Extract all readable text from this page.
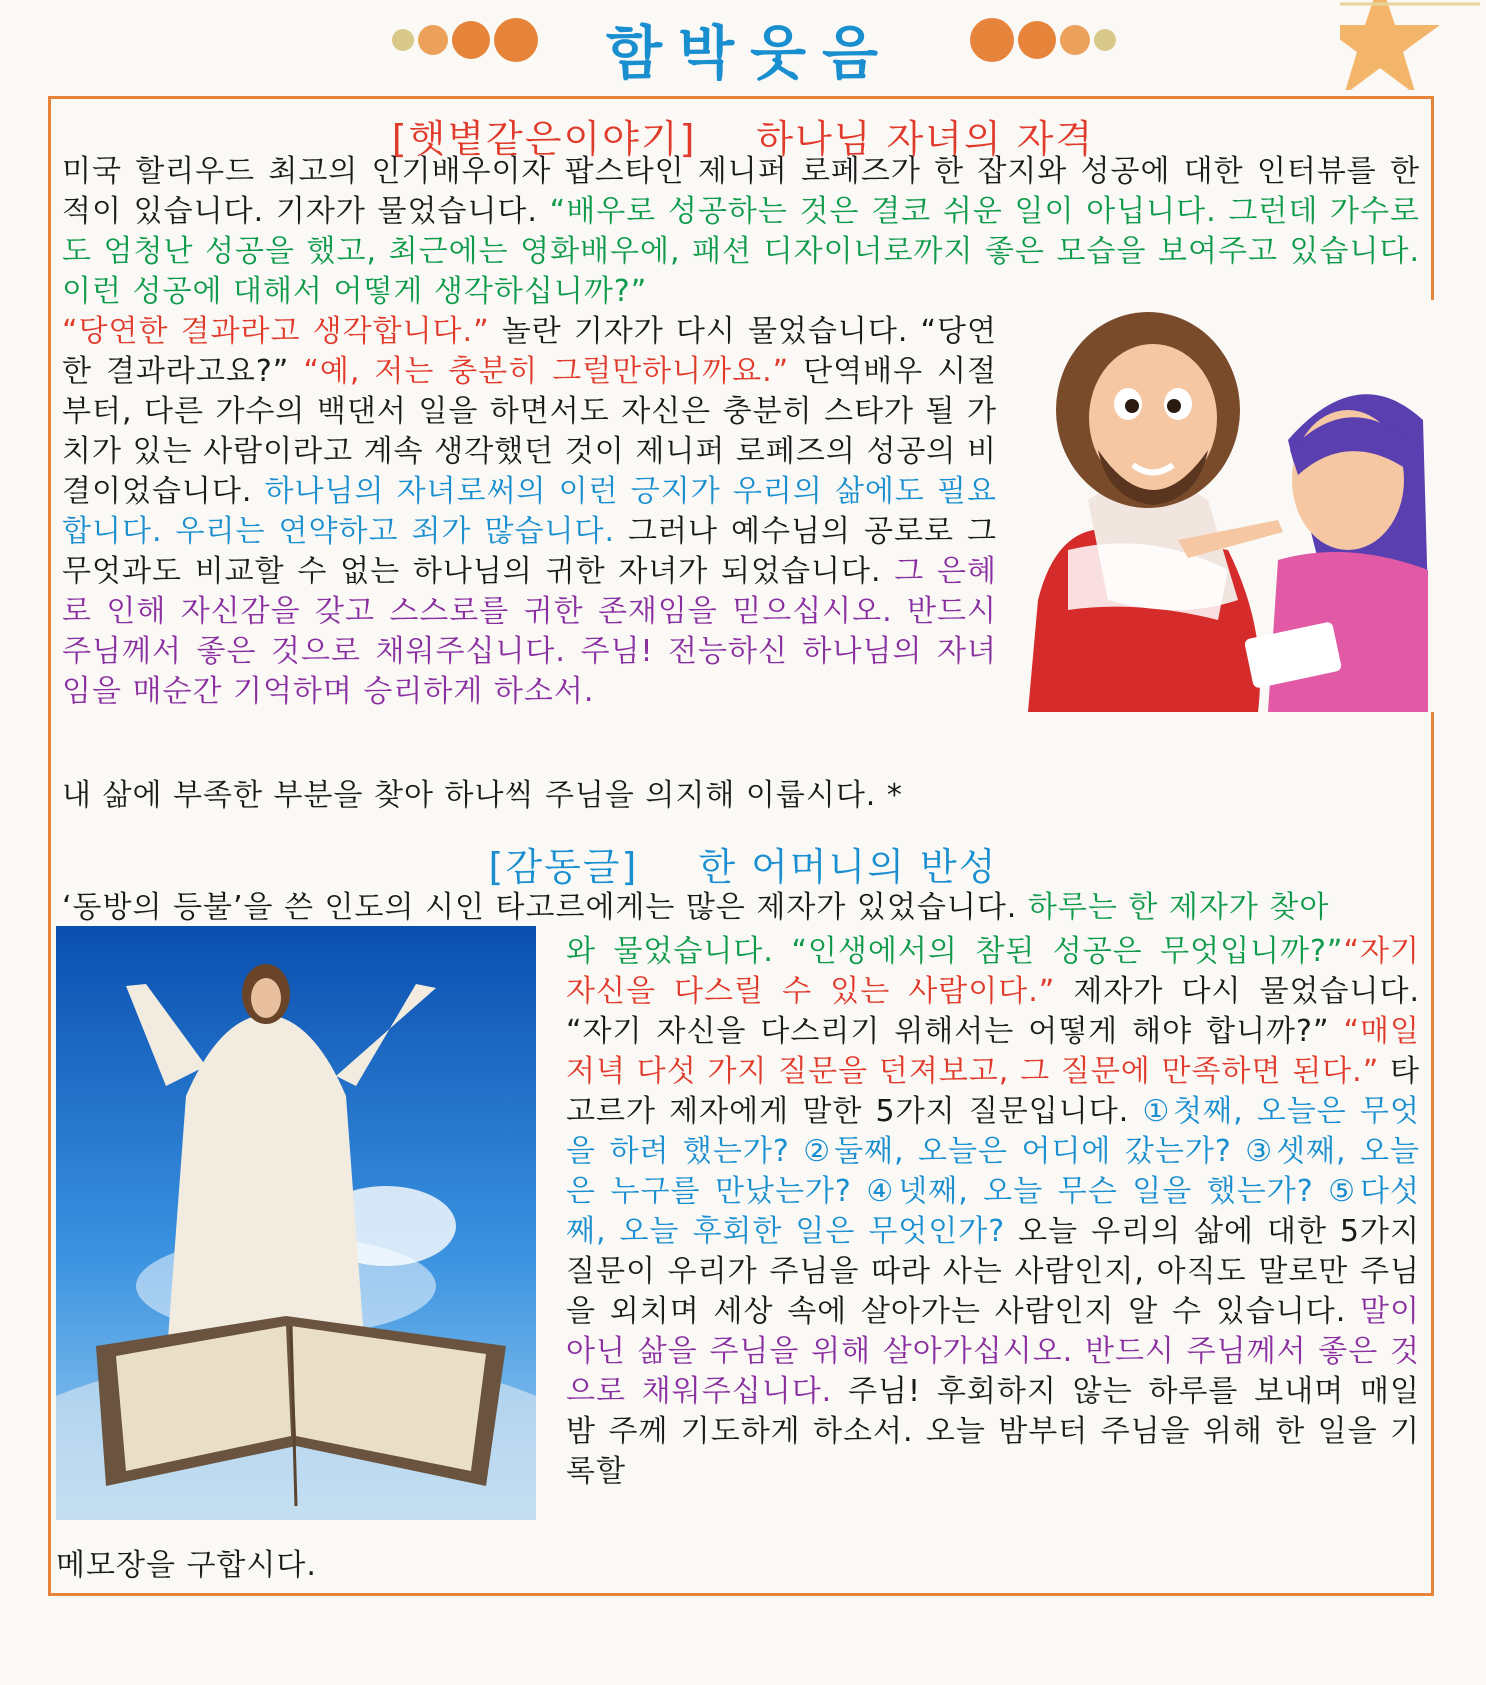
함박웃음
[햇볕같은이야기] 하나님 자녀의 자격
미국 할리우드 최고의 인기배우이자 팝스타인 제니퍼 로페즈가 한 잡지와 성공에 대한 인터뷰를 한 적이 있습니다. 기자가 물었습니다. “배우로 성공하는 것은 결코 쉬운 일이 아닙니다. 그런데 가수로도 엄청난 성공을 했고, 최근에는 영화배우에, 패션 디자이너로까지 좋은 모습을 보여주고 있습니다. 이런 성공에 대해서 어떻게 생각하십니까?”
“당연한 결과라고 생각합니다.” 놀란 기자가 다시 물었습니다. “당연한 결과라고요?” “예, 저는 충분히 그럴만하니까요.” 단역배우 시절부터, 다른 가수의 백댄서 일을 하면서도 자신은 충분히 스타가 될 가치가 있는 사람이라고 계속 생각했던 것이 제니퍼 로페즈의 성공의 비결이었습니다. 하나님의 자녀로써의 이런 긍지가 우리의 삶에도 필요합니다. 우리는 연약하고 죄가 많습니다. 그러나 예수님의 공로로 그 무엇과도 비교할 수 없는 하나님의 귀한 자녀가 되었습니다. 그 은혜로 인해 자신감을 갖고 스스로를 귀한 존재임을 믿으십시오. 반드시 주님께서 좋은 것으로 채워주십니다. 주님! 전능하신 하나님의 자녀임을 매순간 기억하며 승리하게 하소서.
내 삶에 부족한 부분을 찾아 하나씩 주님을 의지해 이룹시다. *
[감동글] 한 어머니의 반성
‘동방의 등불’을 쓴 인도의 시인 타고르에게는 많은 제자가 있었습니다. 하루는 한 제자가 찾아
와 물었습니다. “인생에서의 참된 성공은 무엇입니까?”“자기 자신을 다스릴 수 있는 사람이다.” 제자가 다시 물었습니다. “자기 자신을 다스리기 위해서는 어떻게 해야 합니까?” “매일 저녁 다섯 가지 질문을 던져보고, 그 질문에 만족하면 된다.” 타고르가 제자에게 말한 5가지 질문입니다. ①첫째, 오늘은 무엇을 하려 했는가? ②둘째, 오늘은 어디에 갔는가? ③셋째, 오늘은 누구를 만났는가? ④넷째, 오늘 무슨 일을 했는가? ⑤다섯째, 오늘 후회한 일은 무엇인가? 오늘 우리의 삶에 대한 5가지 질문이 우리가 주님을 따라 사는 사람인지, 아직도 말로만 주님을 외치며 세상 속에 살아가는 사람인지 알 수 있습니다. 말이 아닌 삶을 주님을 위해 살아가십시오. 반드시 주님께서 좋은 것으로 채워주십니다. 주님! 후회하지 않는 하루를 보내며 매일 밤 주께 기도하게 하소서. 오늘 밤부터 주님을 위해 한 일을 기록할
메모장을 구합시다.
